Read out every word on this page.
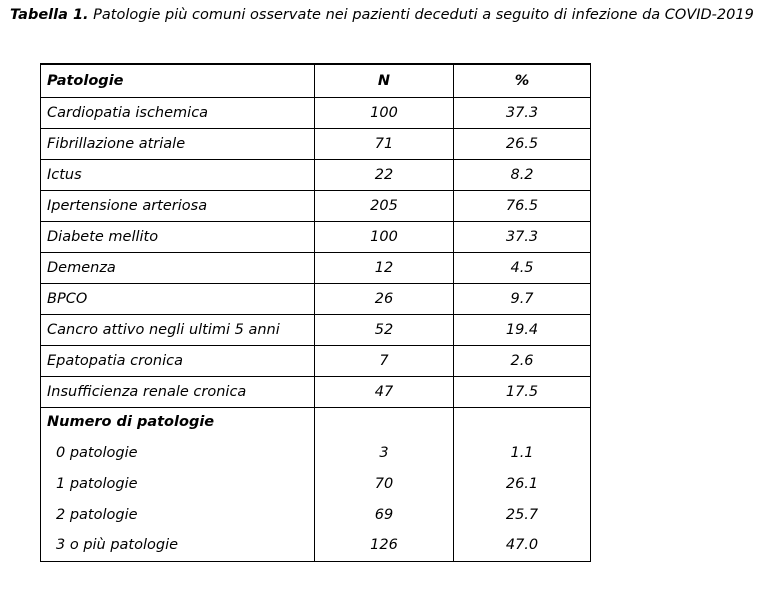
Tabella 1. Patologie più comuni osservate nei pazienti deceduti a seguito di infezione da COVID-2019
Patologie	N	%
Cardiopatia ischemica	100	37.3
Fibrillazione atriale	71	26.5
Ictus	22	8.2
Ipertensione arteriosa	205	76.5
Diabete mellito	100	37.3
Demenza	12	4.5
BPCO	26	9.7
Cancro attivo negli ultimi 5 anni	52	19.4
Epatopatia cronica	7	2.6
Insufficienza renale cronica	47	17.5
Numero di patologie		
0 patologie	3	1.1
1 patologie	70	26.1
2 patologie	69	25.7
3 o più patologie	126	47.0
